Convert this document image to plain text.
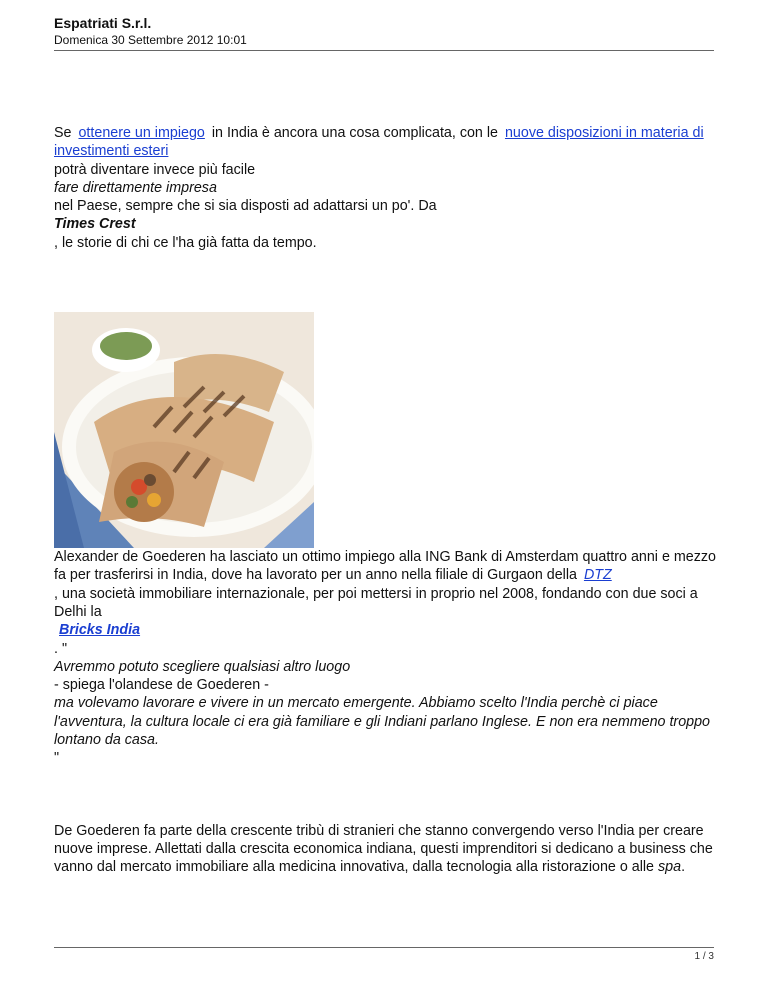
Espatriati S.r.l.
Domenica 30 Settembre 2012 10:01

Se ottenere un impiego in India è ancora una cosa complicata, con le nuove disposizioni in materia di investimenti esteri
potrà diventare invece più facile
fare direttamente impresa
nel Paese, sempre che si sia disposti ad adattarsi un po'. Da
Times Crest
, le storie di chi ce l'ha già fatta da tempo.

Alexander de Goederen ha lasciato un ottimo impiego alla ING Bank di Amsterdam quattro anni e mezzo fa per trasferirsi in India, dove ha lavorato per un anno nella filiale di Gurgaon della DTZ
, una società immobiliare internazionale, per poi mettersi in proprio nel 2008, fondando con due soci a Delhi la
Bricks India
. "
Avremmo potuto scegliere qualsiasi altro luogo
- spiega l'olandese de Goederen -
ma volevamo lavorare e vivere in un mercato emergente. Abbiamo scelto l'India perchè ci piace l'avventura, la cultura locale ci era già familiare e gli Indiani parlano Inglese. E non era nemmeno troppo lontano da casa.
"

De Goederen fa parte della crescente tribù di stranieri che stanno convergendo verso l'India per creare nuove imprese. Allettati dalla crescita economica indiana, questi imprenditori si dedicano a business che vanno dal mercato immobiliare alla medicina innovativa, dalla tecnologia alla ristorazione o alle spa.

1 / 3
